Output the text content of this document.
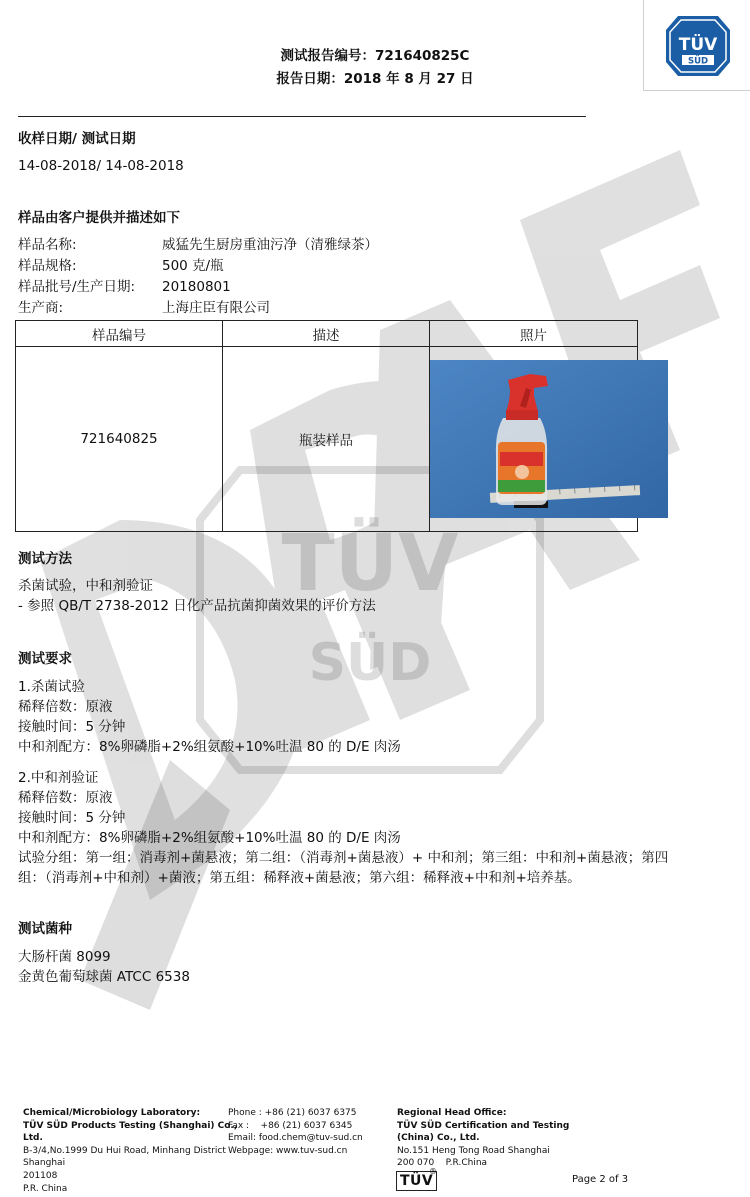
TÜV
SÜD
TÜV
SÜD
测试报告编号：721640825C
报告日期：2018 年 8 月 27 日
收样日期/ 测试日期
14-08-2018/ 14-08-2018
样品由客户提供并描述如下
样品名称:	威猛先生厨房重油污净（清雅绿茶）
样品规格:	500 克/瓶
样品批号/生产日期: 20180801
生产商:	上海庄臣有限公司
样品编号	描述	照片
721640825	瓶装样品	
测试方法
杀菌试验，中和剂验证
- 参照 QB/T 2738-2012 日化产品抗菌抑菌效果的评价方法
测试要求
1.杀菌试验
稀释倍数：原液
接触时间：5 分钟
中和剂配方：8%卵磷脂+2%组氨酸+10%吐温 80 的 D/E 肉汤
2.中和剂验证
稀释倍数：原液
接触时间：5 分钟
中和剂配方：8%卵磷脂+2%组氨酸+10%吐温 80 的 D/E 肉汤
试验分组：第一组：消毒剂+菌悬液；第二组：（消毒剂+菌悬液）+ 中和剂；第三组：中和剂+菌悬液；第四
组：（消毒剂+中和剂）+菌液；第五组：稀释液+菌悬液；第六组：稀释液+中和剂+培养基。
测试菌种
大肠杆菌 8099
金黄色葡萄球菌 ATCC 6538
Chemical/Microbiology Laboratory:
TÜV SÜD Products Testing (Shanghai) Co.,
Ltd.
B-3/4,No.1999 Du Hui Road, Minhang District
Shanghai
201108
P.R. China
Phone : +86 (21) 6037 6375
Fax :    +86 (21) 6037 6345
Email: food.chem@tuv-sud.cn
Webpage: www.tuv-sud.cn
Regional Head Office:
TÜV SÜD Certification and Testing
(China) Co., Ltd.
No.151 Heng Tong Road Shanghai
200 070    P.R.China
TÜV
®
Page 2 of 3
